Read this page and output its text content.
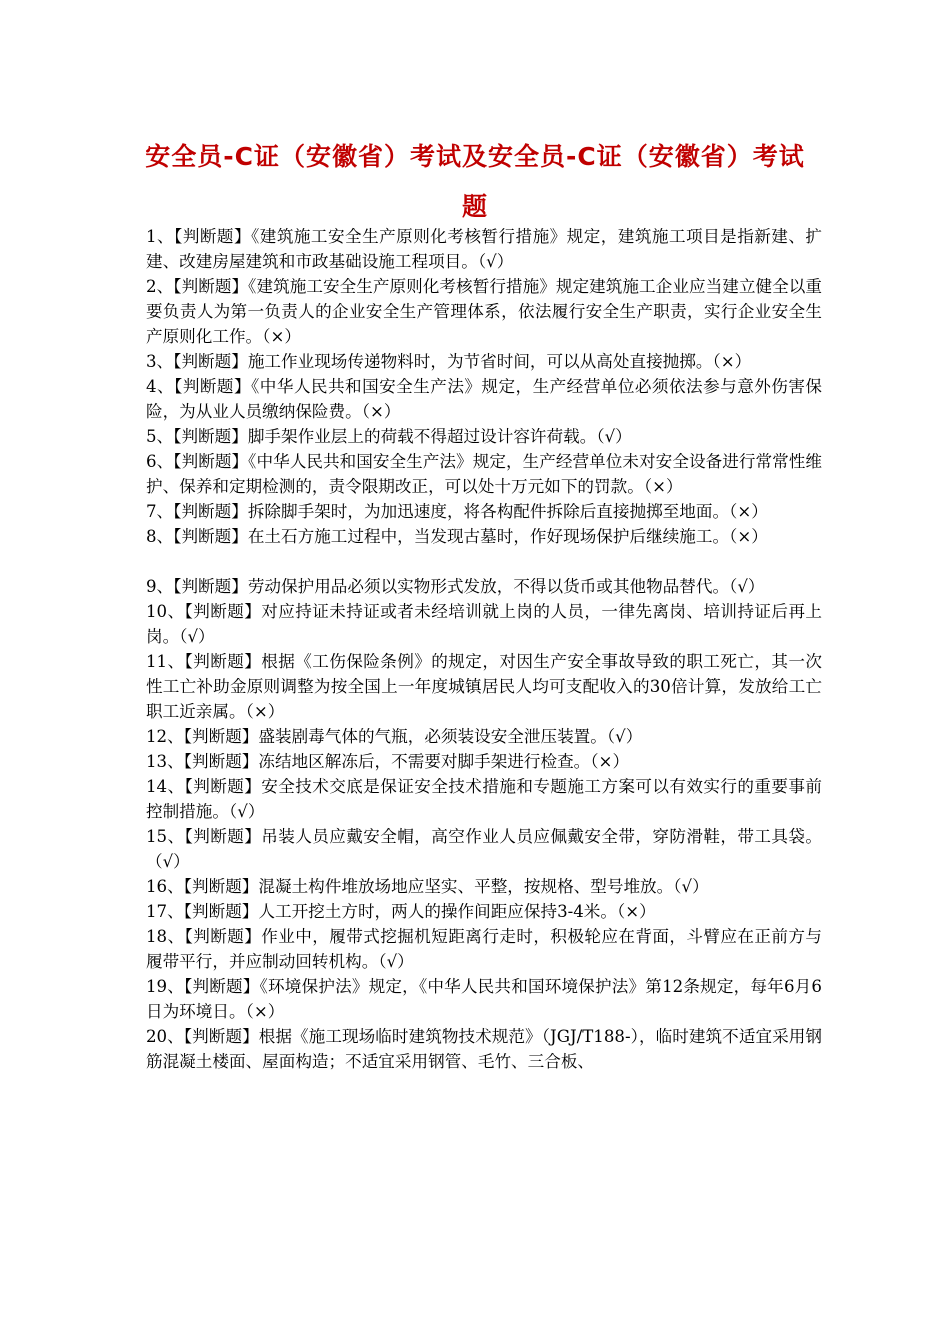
安全员-C证（安徽省）考试及安全员-C证（安徽省）考试题

1、【判断题】《建筑施工安全生产原则化考核暂行措施》规定，建筑施工项目是指新建、扩建、改建房屋建筑和市政基础设施工程项目。（√）

2、【判断题】《建筑施工安全生产原则化考核暂行措施》规定建筑施工企业应当建立健全以重要负责人为第一负责人的企业安全生产管理体系，依法履行安全生产职责，实行企业安全生产原则化工作。（×）

3、【判断题】施工作业现场传递物料时，为节省时间，可以从高处直接抛掷。（×）

4、【判断题】《中华人民共和国安全生产法》规定，生产经营单位必须依法参与意外伤害保险，为从业人员缴纳保险费。（×）

5、【判断题】脚手架作业层上的荷载不得超过设计容许荷载。（√）

6、【判断题】《中华人民共和国安全生产法》规定，生产经营单位未对安全设备进行常常性维护、保养和定期检测的，责令限期改正，可以处十万元如下的罚款。（×）

7、【判断题】拆除脚手架时，为加迅速度，将各构配件拆除后直接抛掷至地面。（×）

8、【判断题】在土石方施工过程中，当发现古墓时，作好现场保护后继续施工。（×）

9、【判断题】劳动保护用品必须以实物形式发放，不得以货币或其他物品替代。（√）

10、【判断题】对应持证未持证或者未经培训就上岗的人员，一律先离岗、培训持证后再上岗。（√）

11、【判断题】根据《工伤保险条例》的规定，对因生产安全事故导致的职工死亡，其一次性工亡补助金原则调整为按全国上一年度城镇居民人均可支配收入的30倍计算，发放给工亡职工近亲属。（×）

12、【判断题】盛装剧毒气体的气瓶，必须装设安全泄压装置。（√）

13、【判断题】冻结地区解冻后，不需要对脚手架进行检查。（×）

14、【判断题】安全技术交底是保证安全技术措施和专题施工方案可以有效实行的重要事前控制措施。（√）

15、【判断题】吊装人员应戴安全帽，高空作业人员应佩戴安全带，穿防滑鞋，带工具袋。（√）

16、【判断题】混凝土构件堆放场地应坚实、平整，按规格、型号堆放。（√）

17、【判断题】人工开挖土方时，两人的操作间距应保持3-4米。（×）

18、【判断题】作业中，履带式挖掘机短距离行走时，积极轮应在背面，斗臂应在正前方与履带平行，并应制动回转机构。（√）

19、【判断题】《环境保护法》规定，《中华人民共和国环境保护法》第12条规定，每年6月6日为环境日。（×）

20、【判断题】根据《施工现场临时建筑物技术规范》（JGJ/T188-），临时建筑不适宜采用钢筋混凝土楼面、屋面构造；不适宜采用钢管、毛竹、三合板、
